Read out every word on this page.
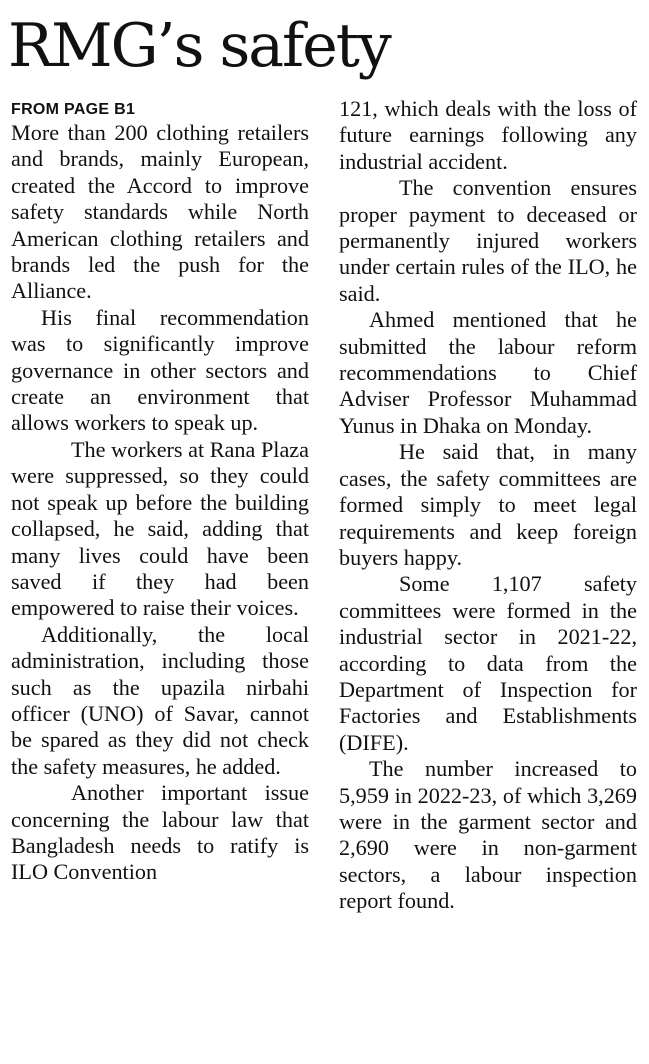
RMG’s safety
FROM PAGE B1

More than 200 clothing retailers and brands, mainly European, created the Accord to improve safety standards while North American clothing retailers and brands led the push for the Alliance.

His final recommendation was to significantly improve governance in other sectors and create an environment that allows workers to speak up.

The workers at Rana Plaza were suppressed, so they could not speak up before the building collapsed, he said, adding that many lives could have been saved if they had been empowered to raise their voices.

Additionally, the local administration, including those such as the upazila nirbahi officer (UNO) of Savar, cannot be spared as they did not check the safety measures, he added.

Another important issue concerning the labour law that Bangladesh needs to ratify is ILO Convention

121, which deals with the loss of future earnings following any industrial accident.

The convention ensures proper payment to deceased or permanently injured workers under certain rules of the ILO, he said.

Ahmed mentioned that he submitted the labour reform recommendations to Chief Adviser Professor Muhammad Yunus in Dhaka on Monday.

He said that, in many cases, the safety committees are formed simply to meet legal requirements and keep foreign buyers happy.

Some 1,107 safety committees were formed in the industrial sector in 2021-22, according to data from the Department of Inspection for Factories and Establishments (DIFE).

The number increased to 5,959 in 2022-23, of which 3,269 were in the garment sector and 2,690 were in non-garment sectors, a labour inspection report found.
